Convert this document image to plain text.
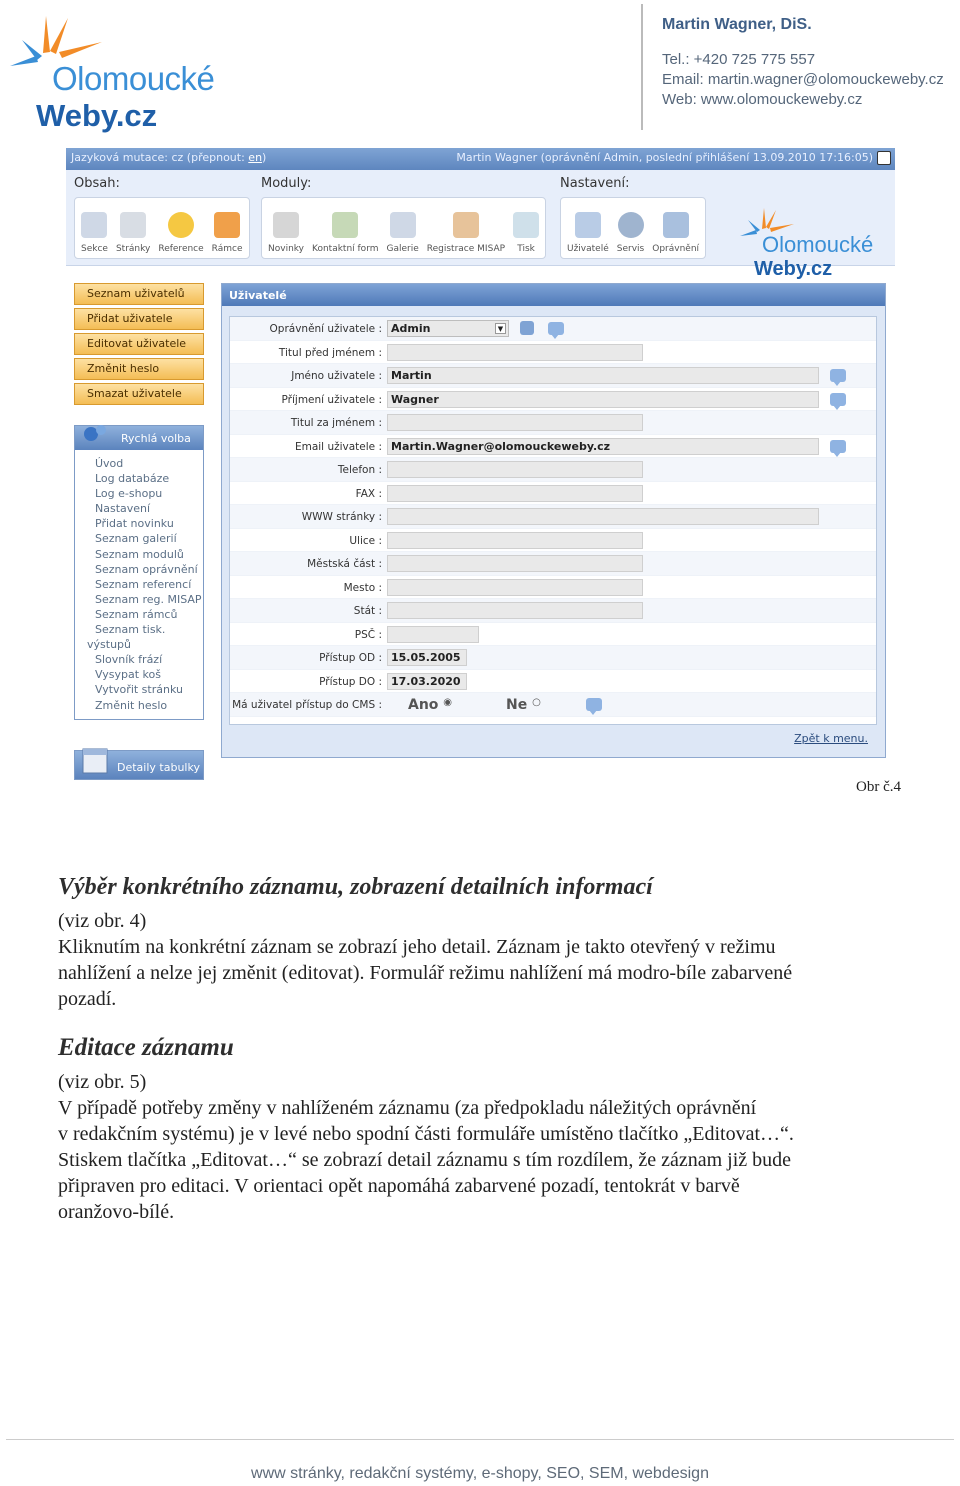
Olomoucké
Weby.cz
Martin Wagner, DiS.
Tel.: +420 725 775 557
Email: martin.wagner@olomouckeweby.cz
Web: www.olomouckeweby.cz
Jazyková mutace: cz (přepnout: en)	Martin Wagner (oprávnění Admin, poslední přihlášení 13.09.2010 17:16:05)
Obsah:
Sekce Stránky Reference Rámce
Moduly:
Novinky Kontaktní form Galerie Registrace MISAP Tisk
Nastavení:
Uživatelé Servis Oprávnění	Olomoucké
Weby.cz
Seznam uživatelů
Přidat uživatele
Editovat uživatele
Změnit heslo
Smazat uživatele
Rychlá volba
Úvod
Log databáze
Log e-shopu
Nastavení
Přidat novinku
Seznam galerií
Seznam modulů
Seznam oprávnění
Seznam referencí
Seznam reg. MISAP
Seznam rámců
Seznam tisk.
výstupů
Slovník frází
Vysypat koš
Vytvořit stránku
Změnit heslo
Detaily tabulky
Uživatelé
Oprávnění uživatele : Admin	▼
Titul před jménem :
Jméno uživatele : Martin
Příjmení uživatele : Wagner
Titul za jménem :
Email uživatele : Martin.Wagner@olomouckeweby.cz
Telefon :
FAX :
WWW stránky :
Ulice :
Městská část :
Mesto :
Stát :
PSČ :
Přístup OD : 15.05.2005
Přístup DO : 17.03.2020
Má uživatel přístup do CMS : Ano ◉	Ne ○
Zpět k menu.
Obr č.4
Výběr konkrétního záznamu, zobrazení detailních informací
(viz obr. 4)
Kliknutím na konkrétní záznam se zobrazí jeho detail. Záznam je takto otevřený v režimu
nahlížení a nelze jej změnit (editovat). Formulář režimu nahlížení má modro-bíle zabarvené
pozadí.
Editace záznamu
(viz obr. 5)
V případě potřeby změny v nahlíženém záznamu (za předpokladu náležitých oprávnění
v redakčním systému) je v levé nebo spodní části formuláře umístěno tlačítko „Editovat…“.
Stiskem tlačítka „Editovat…“ se zobrazí detail záznamu s tím rozdílem, že záznam již bude
připraven pro editaci. V orientaci opět napomáhá zabarvené pozadí, tentokrát v barvě
oranžovo-bílé.
www stránky, redakční systémy, e-shopy, SEO, SEM, webdesign
